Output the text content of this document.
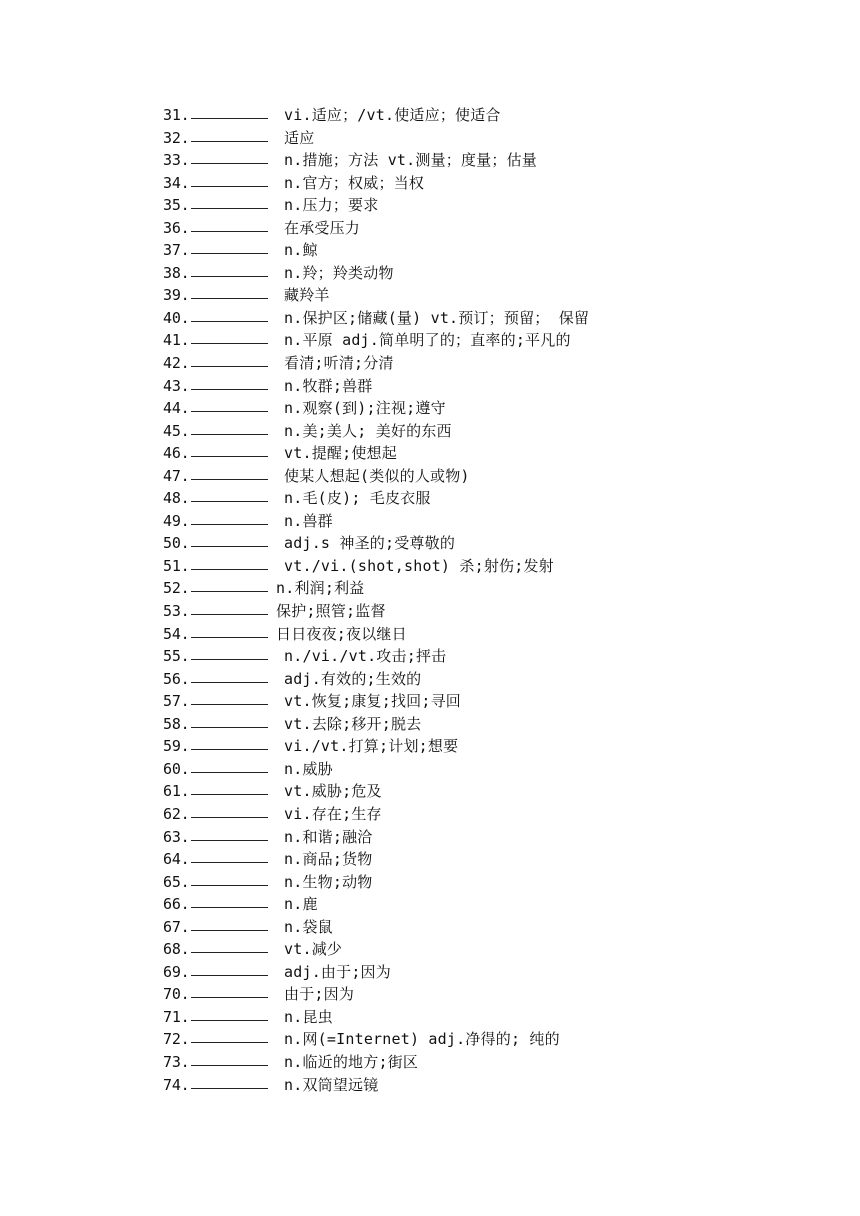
31.	vi.适应；/vt.使适应；使适合
32.	适应
33.	n.措施；方法 vt.测量；度量；估量
34.	n.官方；权威；当权
35.	n.压力；要求
36.	在承受压力
37.	n.鲸
38.	n.羚；羚类动物
39.	藏羚羊
40.	n.保护区;储藏(量) vt.预订；预留； 保留
41.	n.平原 adj.简单明了的；直率的;平凡的
42.	看清;听清;分清
43.	n.牧群;兽群
44.	n.观察(到);注视;遵守
45.	n.美;美人; 美好的东西
46.	vt.提醒;使想起
47.	使某人想起(类似的人或物)
48.	n.毛(皮); 毛皮衣服
49.	n.兽群
50.	adj.s 神圣的;受尊敬的
51.	vt./vi.(shot,shot) 杀;射伤;发射
52.	n.利润;利益
53.	保护;照管;监督
54.	日日夜夜;夜以继日
55.	n./vi./vt.攻击;抨击
56.	adj.有效的;生效的
57.	vt.恢复;康复;找回;寻回
58.	vt.去除;移开;脱去
59.	vi./vt.打算;计划;想要
60.	n.威胁
61.	vt.威胁;危及
62.	vi.存在;生存
63.	n.和谐;融洽
64.	n.商品;货物
65.	n.生物;动物
66.	n.鹿
67.	n.袋鼠
68.	vt.减少
69.	adj.由于;因为
70.	由于;因为
71.	n.昆虫
72.	n.网(=Internet) adj.净得的; 纯的
73.	n.临近的地方;街区
74.	n.双筒望远镜
